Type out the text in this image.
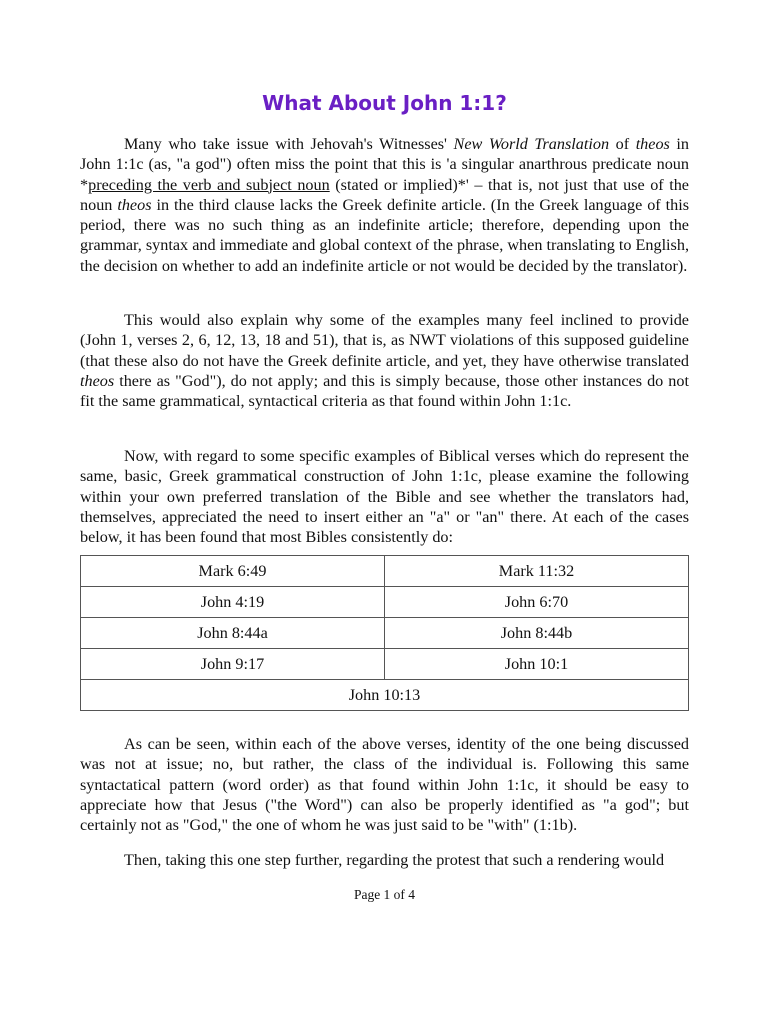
What About John 1:1?

Many who take issue with Jehovah's Witnesses' New World Translation of theos in John 1:1c (as, "a god") often miss the point that this is 'a singular anarthrous predicate noun *preceding the verb and subject noun (stated or implied)*' – that is, not just that use of the noun theos in the third clause lacks the Greek definite article. (In the Greek language of this period, there was no such thing as an indefinite article; therefore, depending upon the grammar, syntax and immediate and global context of the phrase, when translating to English, the decision on whether to add an indefinite article or not would be decided by the translator).

This would also explain why some of the examples many feel inclined to provide (John 1, verses 2, 6, 12, 13, 18 and 51), that is, as NWT violations of this supposed guideline (that these also do not have the Greek definite article, and yet, they have otherwise translated theos there as "God"), do not apply; and this is simply because, those other instances do not fit the same grammatical, syntactical criteria as that found within John 1:1c.

Now, with regard to some specific examples of Biblical verses which do represent the same, basic, Greek grammatical construction of John 1:1c, please examine the following within your own preferred translation of the Bible and see whether the translators had, themselves, appreciated the need to insert either an "a" or "an" there. At each of the cases below, it has been found that most Bibles consistently do:

Mark 6:49	Mark 11:32
John 4:19	John 6:70
John 8:44a	John 8:44b
John 9:17	John 10:1
John 10:13	

As can be seen, within each of the above verses, identity of the one being discussed was not at issue; no, but rather, the class of the individual is. Following this same syntactatical pattern (word order) as that found within John 1:1c, it should be easy to appreciate how that Jesus ("the Word") can also be properly identified as "a god"; but certainly not as "God," the one of whom he was just said to be "with" (1:1b).

Then, taking this one step further, regarding the protest that such a rendering would

Page 1 of 4
